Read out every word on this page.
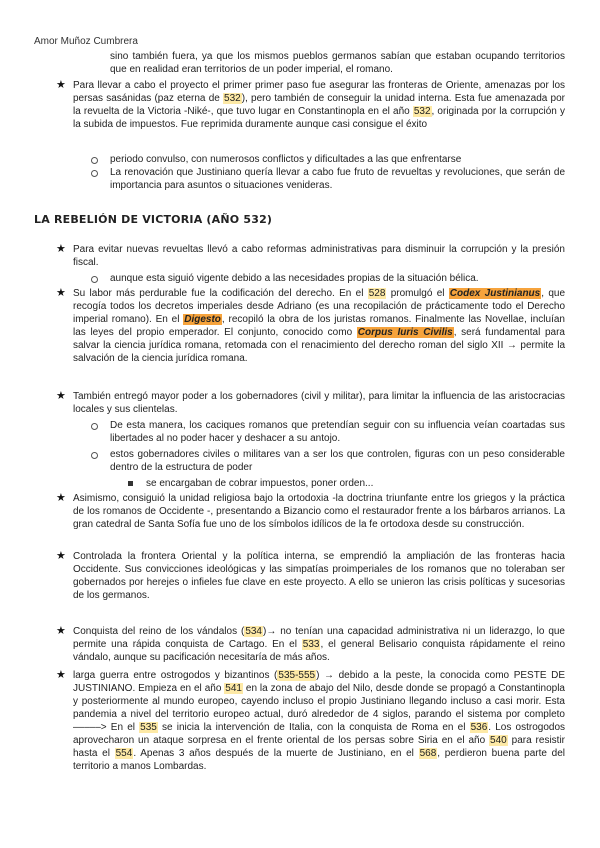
Amor Muñoz Cumbrera

sino también fuera, ya que los mismos pueblos germanos sabían que estaban ocupando territorios que en realidad eran territorios de un poder imperial, el romano.

★ Para llevar a cabo el proyecto el primer primer paso fue asegurar las fronteras de Oriente, amenazas por los persas sasánidas (paz eterna de 532), pero también de conseguir la unidad interna. Esta fue amenazada por la revuelta de la Victoria -Niké-, que tuvo lugar en Constantinopla en el año 532, originada por la corrupción y la subida de impuestos. Fue reprimida duramente aunque casi consigue el éxito

periodo convulso, con numerosos conflictos y dificultades a las que enfrentarse

La renovación que Justiniano quería llevar a cabo fue fruto de revueltas y revoluciones, que serán de importancia para asuntos o situaciones venideras.

LA REBELIÓN DE VICTORIA (AÑO 532)
★ Para evitar nuevas revueltas llevó a cabo reformas administrativas para disminuir la corrupción y la presión fiscal.

aunque esta siguió vigente debido a las necesidades propias de la situación bélica.

★ Su labor más perdurable fue la codificación del derecho. En el 528 promulgó el Codex Justinianus, que recogía todos los decretos imperiales desde Adriano (es una recopilación de prácticamente todo el Derecho imperial romano). En el Digesto, recopiló la obra de los juristas romanos. Finalmente las Novellae, incluían las leyes del propio emperador. El conjunto, conocido como Corpus Iuris Civilis, será fundamental para salvar la ciencia jurídica romana, retomada con el renacimiento del derecho roman del siglo XII → permite la salvación de la ciencia jurídica romana.

★ También entregó mayor poder a los gobernadores (civil y militar), para limitar la influencia de las aristocracias locales y sus clientelas.

De esta manera, los caciques romanos que pretendían seguir con su influencia veían coartadas sus libertades al no poder hacer y deshacer a su antojo.

estos gobernadores civiles o militares van a ser los que controlen, figuras con un peso considerable dentro de la estructura de poder

se encargaban de cobrar impuestos, poner orden...

★ Asimismo, consiguió la unidad religiosa bajo la ortodoxia -la doctrina triunfante entre los griegos y la práctica de los romanos de Occidente -, presentando a Bizancio como el restaurador frente a los bárbaros arrianos. La gran catedral de Santa Sofía fue uno de los símbolos idílicos de la fe ortodoxa desde su construcción.

★ Controlada la frontera Oriental y la política interna, se emprendió la ampliación de las fronteras hacia Occidente. Sus convicciones ideológicas y las simpatías proimperiales de los romanos que no toleraban ser gobernados por herejes o infieles fue clave en este proyecto. A ello se unieron las crisis políticas y sucesorias de los germanos.

★ Conquista del reino de los vándalos (534)→ no tenían una capacidad administrativa ni un liderazgo, lo que permite una rápida conquista de Cartago. En el 533, el general Belisario conquista rápidamente el reino vándalo, aunque su pacificación necesitaría de más años.

★ larga guerra entre ostrogodos y bizantinos (535-555) → debido a la peste, la conocida como PESTE DE JUSTINIANO. Empieza en el año 541 en la zona de abajo del Nilo, desde donde se propagó a Constantinopla y posteriormente al mundo europeo, cayendo incluso el propio Justiniano llegando incluso a casi morir. Esta pandemia a nivel del territorio europeo actual, duró alrededor de 4 siglos, parando el sistema por completo –––––> En el 535 se inicia la intervención de Italia, con la conquista de Roma en el 536. Los ostrogodos aprovecharon un ataque sorpresa en el frente oriental de los persas sobre Siria en el año 540 para resistir hasta el 554. Apenas 3 años después de la muerte de Justiniano, en el 568, perdieron buena parte del territorio a manos Lombardas.
